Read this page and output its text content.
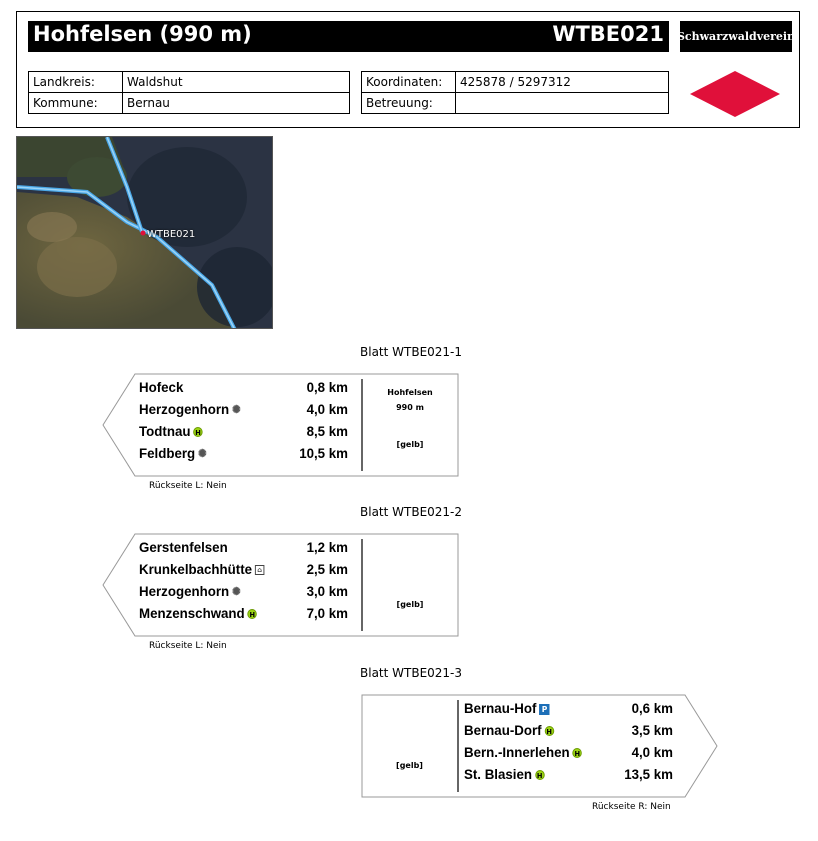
Hohfelsen (990 m)	WTBE021 Schwarzwaldverein
Landkreis:	Waldshut
Kommune:	Bernau
Koordinaten:	425878 / 5297312
Betreuung:	
WTBE021
Blatt WTBE021-1
Hofeck	0,8 km
Herzogenhorn ✺	4,0 km
Todtnau H	8,5 km
Feldberg ✺	10,5 km
Hohfelsen
990 m
[gelb]
Rückseite L: Nein
Blatt WTBE021-2
Gerstenfelsen	1,2 km
Krunkelbachhütte ⌂	2,5 km
Herzogenhorn ✺	3,0 km
Menzenschwand H	7,0 km
[gelb]
Rückseite L: Nein
Blatt WTBE021-3
[gelb]
Bernau-Hof P	0,6 km
Bernau-Dorf H	3,5 km
Bern.-Innerlehen H	4,0 km
St. Blasien H	13,5 km
Rückseite R: Nein
